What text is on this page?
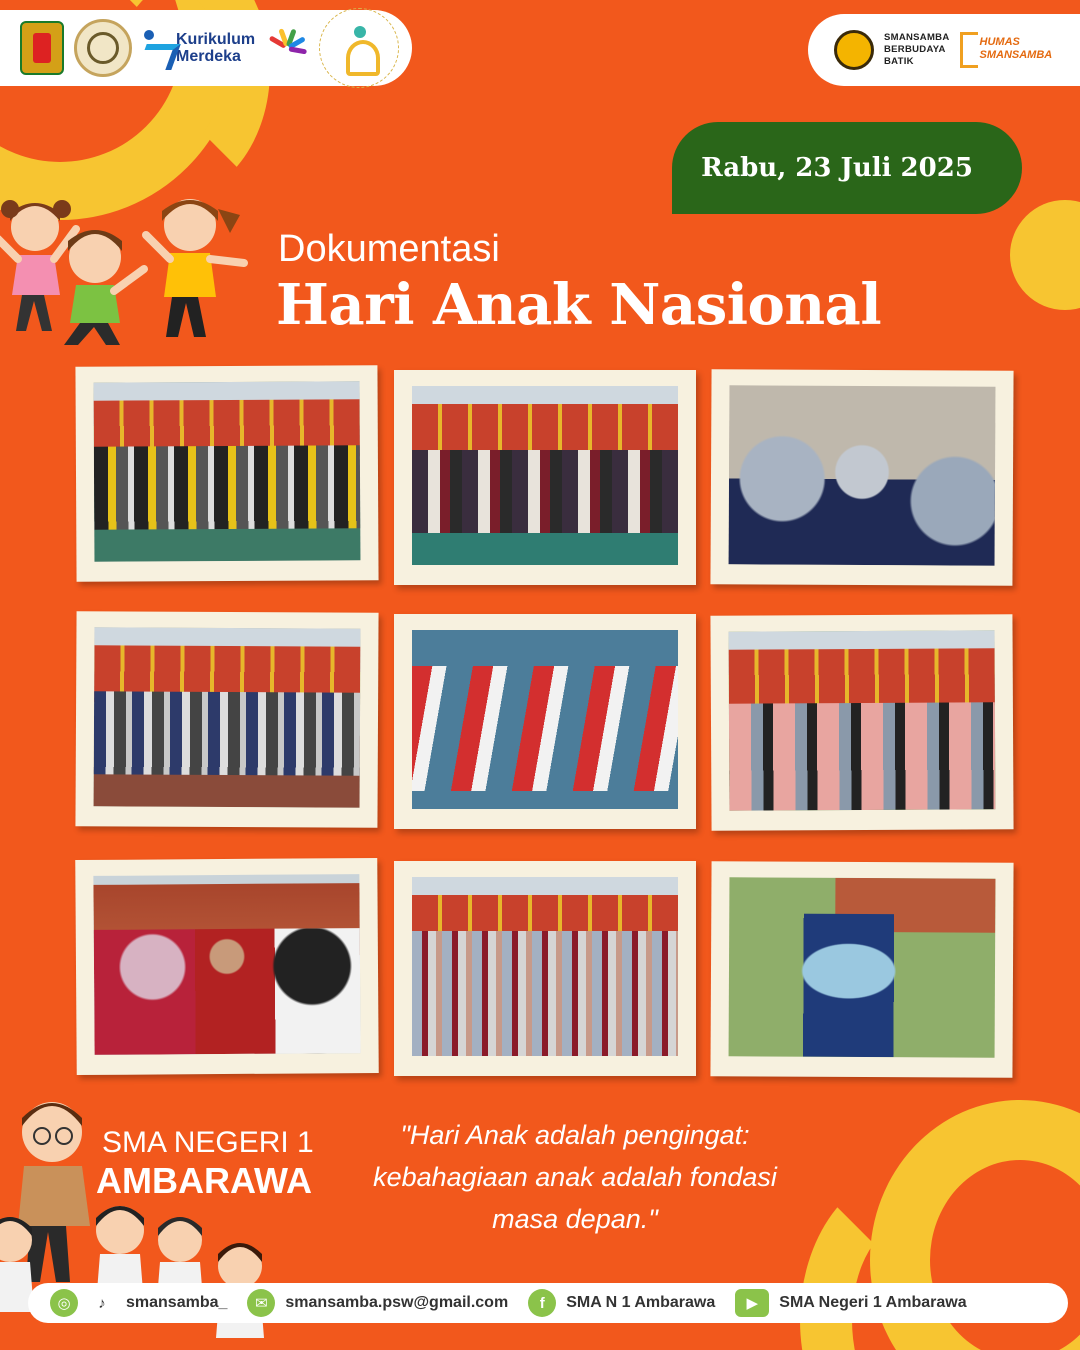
Kurikulum
Merdeka
SMANSAMBA
BERBUDAYA
BATIK
HUMAS
SMANSAMBA
Rabu, 23 Juli 2025
Dokumentasi
Hari Anak Nasional
SMA NEGERI 1
AMBARAWA
"Hari Anak adalah pengingat: kebahagiaan anak adalah fondasi masa depan."
◎	♪	smansamba_	✉	smansamba.psw@gmail.com	f	SMA N 1 Ambarawa	▶	SMA Negeri 1 Ambarawa
